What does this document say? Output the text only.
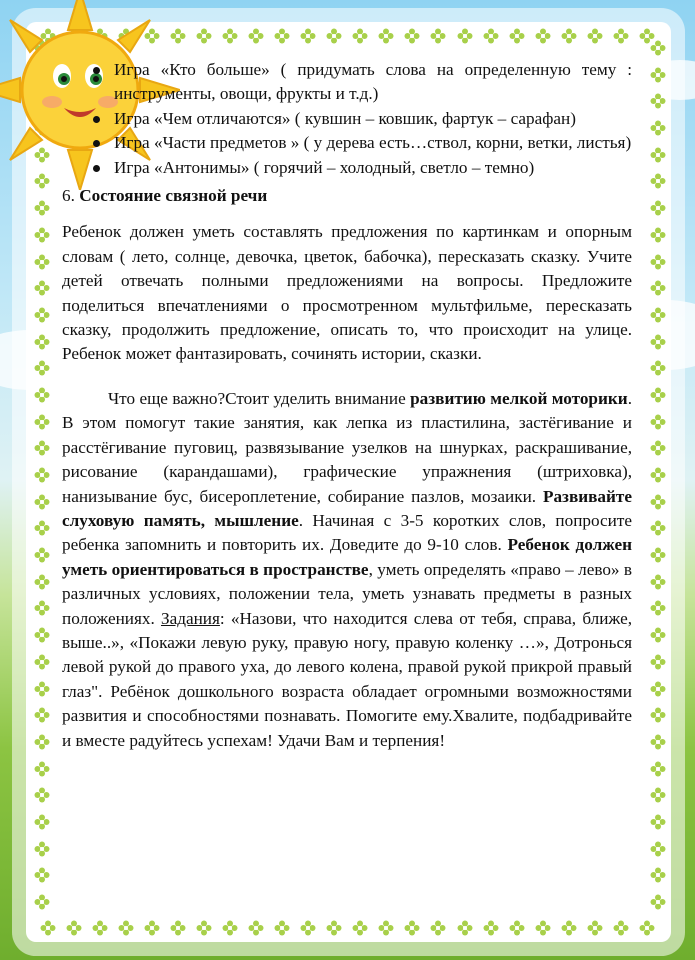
Игра «Кто больше» ( придумать слова на определенную тему : инструменты, овощи, фрукты и т.д.)
Игра «Чем отличаются» ( кувшин – ковшик, фартук – сарафан)
Игра «Части предметов » ( у дерева есть…ствол, корни, ветки, листья)
Игра «Антонимы» ( горячий – холодный, светло – темно)

6. Состояние связной речи

Ребенок должен уметь составлять предложения по картинкам и опорным словам ( лето, солнце, девочка, цветок, бабочка), пересказать сказку. Учите детей отвечать полными предложениями на вопросы. Предложите поделиться впечатлениями о просмотренном мультфильме, пересказать сказку, продолжить предложение, описать то, что происходит на улице. Ребенок может фантазировать, сочинять истории, сказки.

Что еще важно?Стоит уделить внимание развитию мелкой моторики. В этом помогут такие занятия, как лепка из пластилина, застёгивание и расстёгивание пуговиц, развязывание узелков на шнурках, раскрашивание, рисование (карандашами), графические упражнения (штриховка), нанизывание бус, бисероплетение, собирание пазлов, мозаики. Развивайте слуховую память, мышление. Начиная с 3-5 коротких слов, попросите ребенка запомнить и повторить их. Доведите до 9-10 слов. Ребенок должен уметь ориентироваться в пространстве, уметь определять «право – лево» в различных условиях, положении тела, уметь узнавать предметы в разных положениях. Задания: «Назови, что находится слева от тебя, справа, ближе, выше..», «Покажи левую руку, правую ногу, правую коленку …», Дотронься левой рукой до правого уха, до левого колена, правой рукой прикрой правый глаз". Ребёнок дошкольного возраста обладает огромными возможностями развития и способностями познавать. Помогите ему.Хвалите, подбадривайте и вместе радуйтесь успехам! Удачи Вам и терпения!
